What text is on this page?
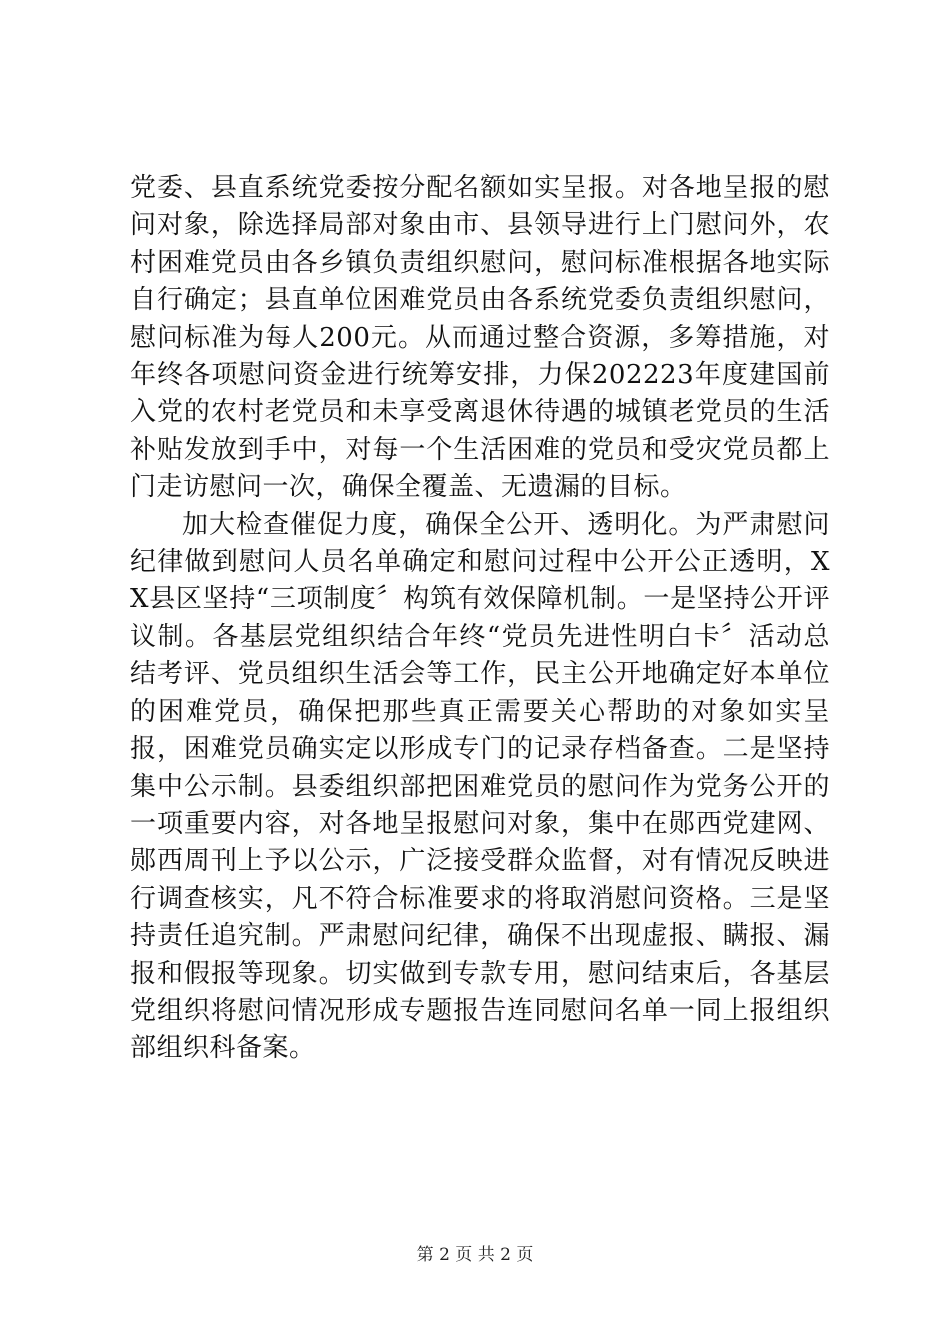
党委、县直系统党委按分配名额如实呈报。对各地呈报的慰问对象，除选择局部对象由市、县领导进行上门慰问外，农村困难党员由各乡镇负责组织慰问，慰问标准根据各地实际自行确定；县直单位困难党员由各系统党委负责组织慰问，慰问标准为每人200元。从而通过整合资源，多筹措施，对年终各项慰问资金进行统筹安排，力保202223年度建国前入党的农村老党员和未享受离退休待遇的城镇老党员的生活补贴发放到手中，对每一个生活困难的党员和受灾党员都上门走访慰问一次，确保全覆盖、无遗漏的目标。

加大检查催促力度，确保全公开、透明化。为严肃慰问纪律做到慰问人员名单确定和慰问过程中公开公正透明，XX县区坚持“三项制度〞构筑有效保障机制。一是坚持公开评议制。各基层党组织结合年终“党员先进性明白卡〞活动总结考评、党员组织生活会等工作，民主公开地确定好本单位的困难党员，确保把那些真正需要关心帮助的对象如实呈报，困难党员确实定以形成专门的记录存档备查。二是坚持集中公示制。县委组织部把困难党员的慰问作为党务公开的一项重要内容，对各地呈报慰问对象，集中在郧西党建网、郧西周刊上予以公示，广泛接受群众监督，对有情况反映进行调查核实，凡不符合标准要求的将取消慰问资格。三是坚持责任追究制。严肃慰问纪律，确保不出现虚报、瞒报、漏报和假报等现象。切实做到专款专用，慰问结束后，各基层党组织将慰问情况形成专题报告连同慰问名单一同上报组织部组织科备案。

第 2 页 共 2 页
